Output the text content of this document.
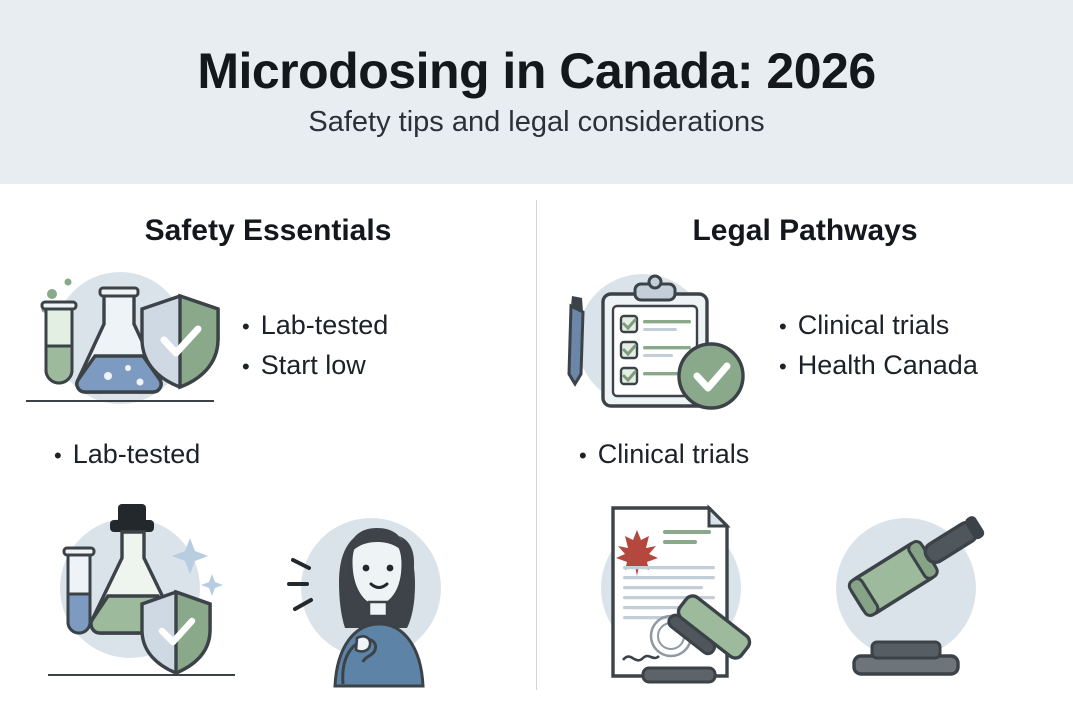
Microdosing in Canada: 2026
Safety tips and legal considerations
Safety Essentials
• Lab-tested
• Start low
• Lab-tested
Legal Pathways
• Clinical trials
• Health Canada
• Clinical trials
